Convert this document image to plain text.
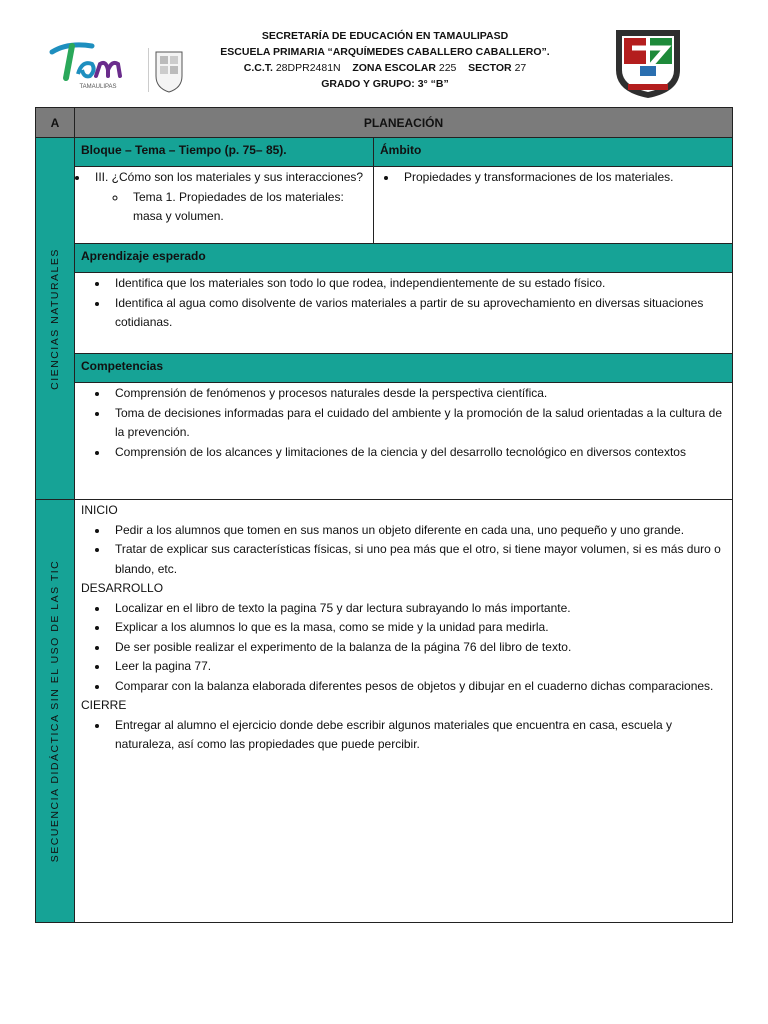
TAMAULIPAS
SECRETARÍA DE EDUCACIÓN EN TAMAULIPASD
ESCUELA PRIMARIA “ARQUÍMEDES CABALLERO CABALLERO”.
C.C.T. 28DPR2481N ZONA ESCOLAR 225 SECTOR 27
GRADO Y GRUPO: 3° “B”
A	PLANEACIÓN
CIENCIAS NATURALES
SECUENCIA DIDÁCTICA SIN EL USO DE LAS TIC
Bloque – Tema – Tiempo (p. 75– 85).	Ámbito
• III. ¿Cómo son los materiales y sus interacciones?
◦ Tema 1. Propiedades de los materiales: masa y volumen.
• Propiedades y transformaciones de los materiales.
Aprendizaje esperado
• Identifica que los materiales son todo lo que rodea, independientemente de su estado físico.
• Identifica al agua como disolvente de varios materiales a partir de su aprovechamiento en diversas situaciones cotidianas.
Competencias
• Comprensión de fenómenos y procesos naturales desde la perspectiva científica.
• Toma de decisiones informadas para el cuidado del ambiente y la promoción de la salud orientadas a la cultura de la prevención.
• Comprensión de los alcances y limitaciones de la ciencia y del desarrollo tecnológico en diversos contextos
INICIO
• Pedir a los alumnos que tomen en sus manos un objeto diferente en cada una, uno pequeño y uno grande.
• Tratar de explicar sus características físicas, si uno pea más que el otro, si tiene mayor volumen, si es más duro o blando, etc.
DESARROLLO
• Localizar en el libro de texto la pagina 75 y dar lectura subrayando lo más importante.
• Explicar a los alumnos lo que es la masa, como se mide y la unidad para medirla.
• De ser posible realizar el experimento de la balanza de la página 76 del libro de texto.
• Leer la pagina 77.
• Comparar con la balanza elaborada diferentes pesos de objetos y dibujar en el cuaderno dichas comparaciones.
CIERRE
• Entregar al alumno el ejercicio donde debe escribir algunos materiales que encuentra en casa, escuela y naturaleza, así como las propiedades que puede percibir.
